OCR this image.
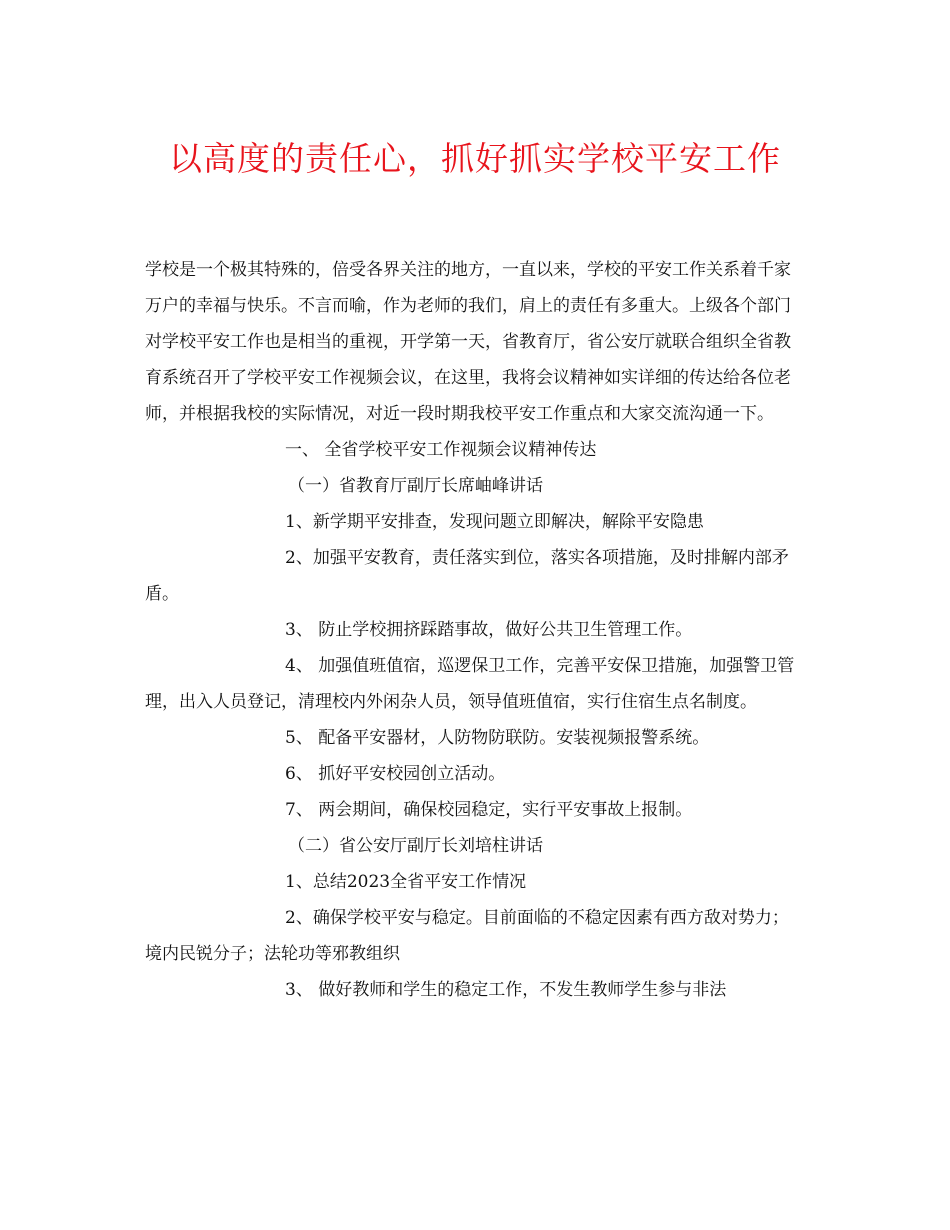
以高度的责任心，抓好抓实学校平安工作

学校是一个极其特殊的，倍受各界关注的地方，一直以来，学校的平安工作关系着千家万户的幸福与快乐。不言而喻，作为老师的我们，肩上的责任有多重大。上级各个部门对学校平安工作也是相当的重视，开学第一天，省教育厅，省公安厅就联合组织全省教育系统召开了学校平安工作视频会议，在这里，我将会议精神如实详细的传达给各位老师，并根据我校的实际情况，对近一段时期我校平安工作重点和大家交流沟通一下。

一、 全省学校平安工作视频会议精神传达

（一）省教育厅副厅长席岫峰讲话

1、新学期平安排查，发现问题立即解决，解除平安隐患

2、加强平安教育，责任落实到位，落实各项措施，及时排解内部矛盾。

3、 防止学校拥挤踩踏事故，做好公共卫生管理工作。

4、 加强值班值宿，巡逻保卫工作，完善平安保卫措施，加强警卫管理，出入人员登记，清理校内外闲杂人员，领导值班值宿，实行住宿生点名制度。

5、 配备平安器材，人防物防联防。安装视频报警系统。

6、 抓好平安校园创立活动。

7、 两会期间，确保校园稳定，实行平安事故上报制。

（二）省公安厅副厅长刘培柱讲话

1、总结2023全省平安工作情况

2、确保学校平安与稳定。目前面临的不稳定因素有西方敌对势力；境内民锐分子；法轮功等邪教组织

3、 做好教师和学生的稳定工作，不发生教师学生参与非法
